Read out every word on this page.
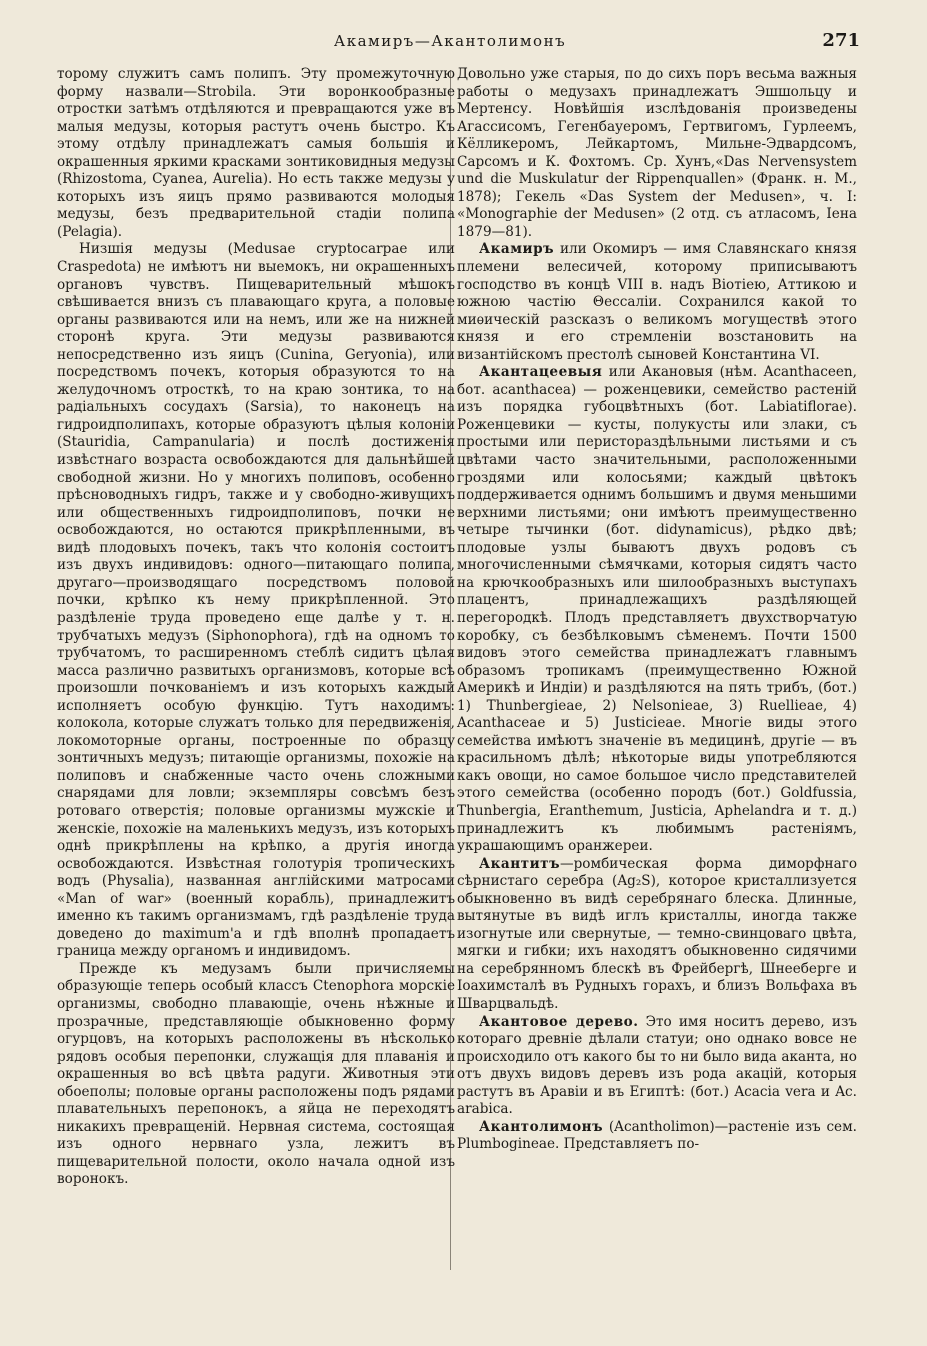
Акамиръ—Акантолимонъ	271

торому служитъ самъ полипъ. Эту промежуточную форму назвали—Strobila. Эти воронкообразные отростки затѣмъ отдѣляются и превращаются уже въ малыя медузы, которыя растутъ очень быстро. Къ этому отдѣлу принадлежатъ самыя большія и окрашенныя яркими красками зонтиковидныя медузы (Rhizostoma, Cyanea, Aurelia). Но есть также медузы у которыхъ изъ яицъ прямо развиваются молодыя медузы, безъ предварительной стадіи полипа (Pelagia).

Низшія медузы (Medusae cryptocarpae или Craspedota) не имѣютъ ни выемокъ, ни окрашенныхъ органовъ чувствъ. Пищеварительный мѣшокъ свѣшивается внизъ съ плавающаго круга, а половые органы развиваются или на немъ, или же на нижней сторонѣ круга. Эти медузы развиваются непосредственно изъ яицъ (Cunina, Geryonia), или посредствомъ почекъ, которыя образуются то на желудочномъ отросткѣ, то на краю зонтика, то на радіальныхъ сосудахъ (Sarsia), то наконецъ на гидроидполипахъ, которые образуютъ цѣлыя колоніи (Stauridia, Campanularia) и послѣ достиженія извѣстнаго возраста освобождаются для дальнѣйшей свободной жизни. Но у многихъ полиповъ, особенно прѣсноводныхъ гидръ, также и у свободно-живущихъ или общественныхъ гидроидполиповъ, почки не освобождаются, но остаются прикрѣпленными, въ видѣ плодовыхъ почекъ, такъ что колонія состоитъ изъ двухъ индивидовъ: одного—питающаго полипа, другаго—производящаго посредствомъ половой почки, крѣпко къ нему прикрѣпленной. Это раздѣленіе труда проведено еще далѣе у т. н. трубчатыхъ медузъ (Siphonophora), гдѣ на одномъ то трубчатомъ, то расширенномъ стеблѣ сидитъ цѣлая масса различно развитыхъ организмовъ, которые всѣ произошли почкованіемъ и изъ которыхъ каждый исполняетъ особую функцію. Тутъ находимъ: колокола, которые служатъ только для передвиженія, локомоторные органы, построенные по образцу зонтичныхъ медузъ; питающіе организмы, похожіе на полиповъ и снабженные часто очень сложными снарядами для ловли; экземпляры совсѣмъ безъ ротоваго отверстія; половые организмы мужскіе и женскіе, похожіе на маленькихъ медузъ, изъ которыхъ однѣ прикрѣплены на крѣпко, а другія иногда освобождаются. Извѣстная голотурія тропическихъ водъ (Physalia), названная англійскими матросами «Man of war» (военный корабль), принадлежитъ именно къ такимъ организмамъ, гдѣ раздѣленіе труда доведено до maximum'а и гдѣ вполнѣ пропадаетъ граница между органомъ и индивидомъ.

Прежде къ медузамъ были причисляемы образующіе теперь особый классъ Ctenophora морскіе организмы, свободно плавающіе, очень нѣжные и прозрачные, представляющіе обыкновенно форму огурцовъ, на которыхъ расположены въ нѣсколько рядовъ особыя перепонки, служащія для плаванія и окрашенныя во всѣ цвѣта радуги. Животныя эти обоеполы; половые органы расположены подъ рядами плавательныхъ перепонокъ, а яйца не переходятъ никакихъ превращеній. Нервная система, состоящая изъ одного нервнаго узла, лежитъ въ пищеварительной полости, около начала одной изъ воронокъ.

Довольно уже старыя, по до сихъ поръ весьма важныя работы о медузахъ принадлежатъ Эшшольцу и Мертенсу. Новѣйшія изслѣдованія произведены Агассисомъ, Гегенбауеромъ, Гертвигомъ, Гурлеемъ, Кёлликеромъ, Лейкартомъ, Мильне-Эдвардсомъ, Сарсомъ и К. Фохтомъ. Ср. Хунъ,«Das Nervensystem und die Muskulatur der Rippenquallen» (Франк. н. М., 1878); Гекель «Das System der Medusen», ч. I: «Monographie der Medusen» (2 отд. съ атласомъ, Iена 1879—81).

Акамиръ или Окомиръ — имя Славянскаго князя племени велесичей, которому приписываютъ господство въ концѣ VIII в. надъ Віотіею, Аттикою и южною частію Θессаліи. Сохранился какой то миѳическій разсказъ о великомъ могуществѣ этого князя и его стремленіи возстановить на византійскомъ престолѣ сыновей Константина VI.

Акантацеевыя или Акановыя (нѣм. Acanthaceen, бот. acanthacea) — роженцевики, семейство растеній изъ порядка губоцвѣтныхъ (бот. Labiatiflorae). Роженцевики — кусты, полукусты или злаки, съ простыми или перистораздѣльными листьями и съ цвѣтами часто значительными, расположенными гроздями или колосьями; каждый цвѣтокъ поддерживается однимъ большимъ и двумя меньшими верхними листьями; они имѣютъ преимущественно четыре тычинки (бот. didynamicus), рѣдко двѣ; плодовые узлы бываютъ двухъ родовъ съ многочисленными сѣмячками, которыя сидятъ часто на крючкообразныхъ или шилообразныхъ выступахъ плацентъ, принадлежащихъ раздѣляющей перегородкѣ. Плодъ представляетъ двухстворчатую коробку, съ безбѣлковымъ сѣменемъ. Почти 1500 видовъ этого семейства принадлежатъ главнымъ образомъ тропикамъ (преимущественно Южной Америкѣ и Индіи) и раздѣляются на пять трибъ, (бот.) 1) Thunbergieae, 2) Nelsonieae, 3) Ruellieae, 4) Acanthaceae и 5) Justicieae. Многіе виды этого семейства имѣютъ значеніе въ медицинѣ, другіе — въ красильномъ дѣлѣ; нѣкоторые виды употребляются какъ овощи, но самое большое число представителей этого семейства (особенно породъ (бот.) Goldfussia, Thunbergia, Eranthemum, Justicia, Aphelandra и т. д.) принадлежитъ къ любимымъ растеніямъ, украшающимъ оранжереи.

Акантитъ—ромбическая форма диморфнаго сѣрнистаго серебра (Ag₂S), которое кристаллизуется обыкновенно въ видѣ серебрянаго блеска. Длинные, вытянутые въ видѣ иглъ кристаллы, иногда также изогнутые или свернутые, — темно-свинцоваго цвѣта, мягки и гибки; ихъ находятъ обыкновенно сидячими на серебрянномъ блескѣ въ Фрейбергѣ, Шнееберге и Іоахимсталѣ въ Рудныхъ горахъ, и близъ Вольфаха въ Шварцвальдѣ.

Акантовое дерево. Это имя носитъ дерево, изъ котораго древніе дѣлали статуи; оно однако вовсе не происходило отъ какого бы то ни было вида аканта, но отъ двухъ видовъ деревъ изъ рода акацій, которыя растутъ въ Аравіи и въ Египтѣ: (бот.) Acacia vera и Ac. arabica.

Акантолимонъ (Acantholimon)—растеніе изъ сем. Plumbogineae. Представляетъ по-
